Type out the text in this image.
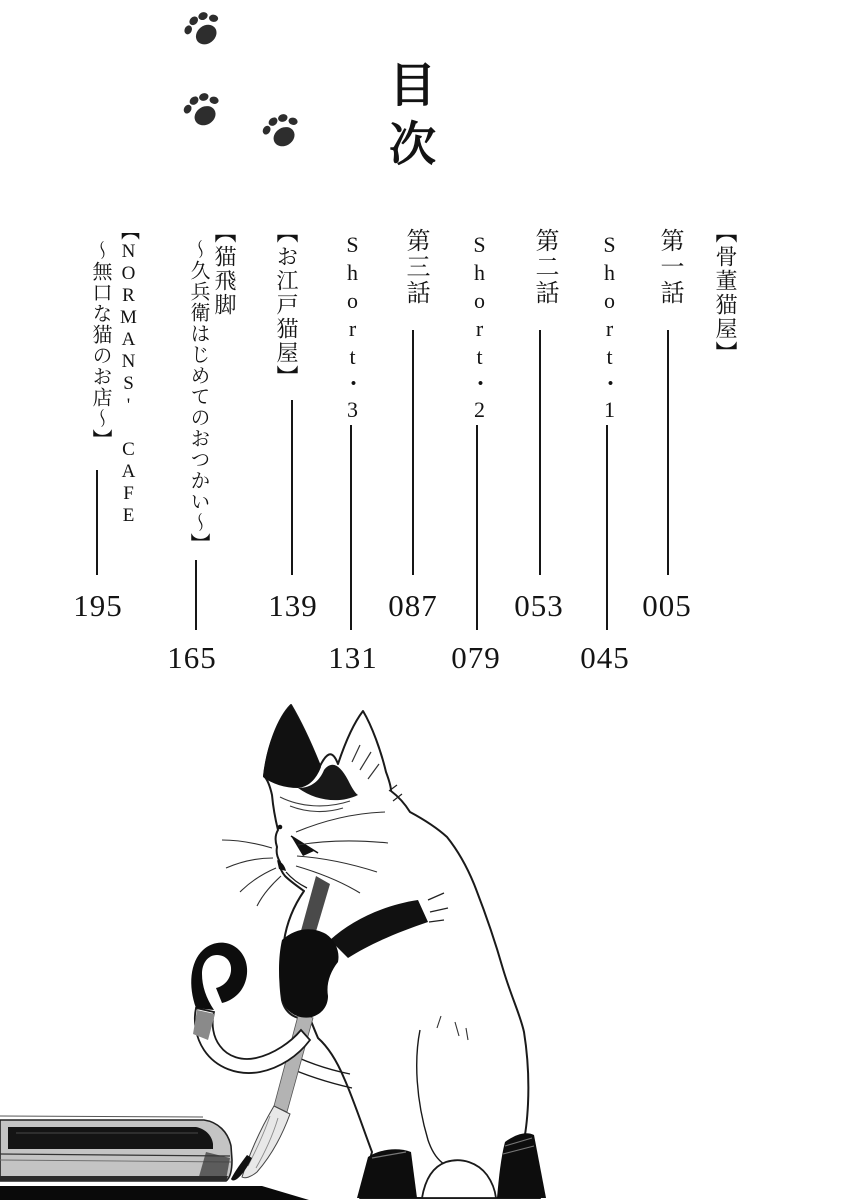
目次
【骨董猫屋】
第一話
005
Short・1
045
第二話
053
Short・2
079
第三話
087
Short・3
131
【お江戸猫屋】
139
【猫飛脚
～久兵衛はじめてのおつかい～】
165
【NORMANS' CAFE
～無口な猫のお店～】
195
